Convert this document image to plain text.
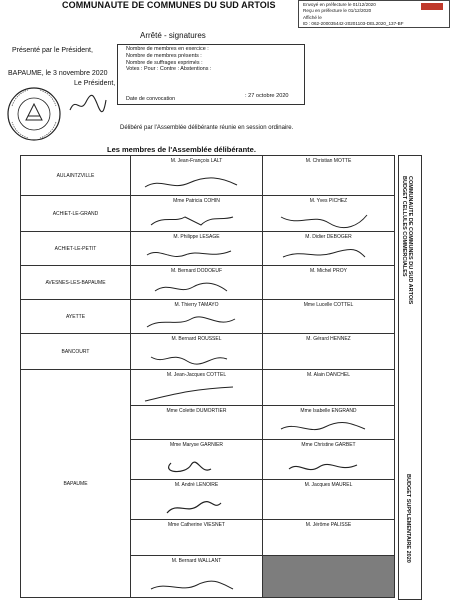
COMMUNAUTE DE COMMUNES DU SUD ARTOIS
Arrêté - signatures
Envoyé en préfecture le 01/12/2020
Reçu en préfecture le 01/12/2020
Affiché le
ID : 062-200035442-20201103-DEL2020_137-BF
Présenté par le Président,
BAPAUME, le 3 novembre 2020
Le Président,
Nombre de membres en exercice :
Nombre de membres présents :
Nombre de suffrages exprimés :
Votes : Pour : Contre : Abstentions :
Date de convocation	: 27 octobre 2020
Délibéré par l'Assemblée délibérante réunie en session ordinaire.
Les membres de l'Assemblée délibérante.
AULAINTZVILLE	M. Jean-François LALT	M. Christian MOTTE

ACHIET-LE-GRAND	Mme Patricia COHIN	M. Yves PICHEZ

ACHIET-LE-PETIT	M. Philippe LESAGE	M. Didier DEBOGER

AVESNES-LES-BAPAUME	M. Bernard DODOEUF	M. Michel PROY

AYETTE	M. Thierry TAMAYO	Mme Lucelle COTTEL

BANCOURT	M. Bernard ROUSSEL	M. Gérard HENNEZ

BAPAUME	M. Jean-Jacques COTTEL	M. Alain DANCHEL

	Mme Colette DUMORTIER	Mme Isabelle ENGRAND

	Mme Maryse GARNIER	Mme Christine GARBET

	M. André LENOIRE	M. Jacques MAUREL

	Mme Catherine VIESNET	M. Jérôme PALISSE

	M. Bernard WALLANT	

COMMUNAUTE DE COMMUNES DU SUD ARTOIS
BUDGET CELLULES COMMERCIALES
BUDGET SUPPLEMENTAIRE 2020
